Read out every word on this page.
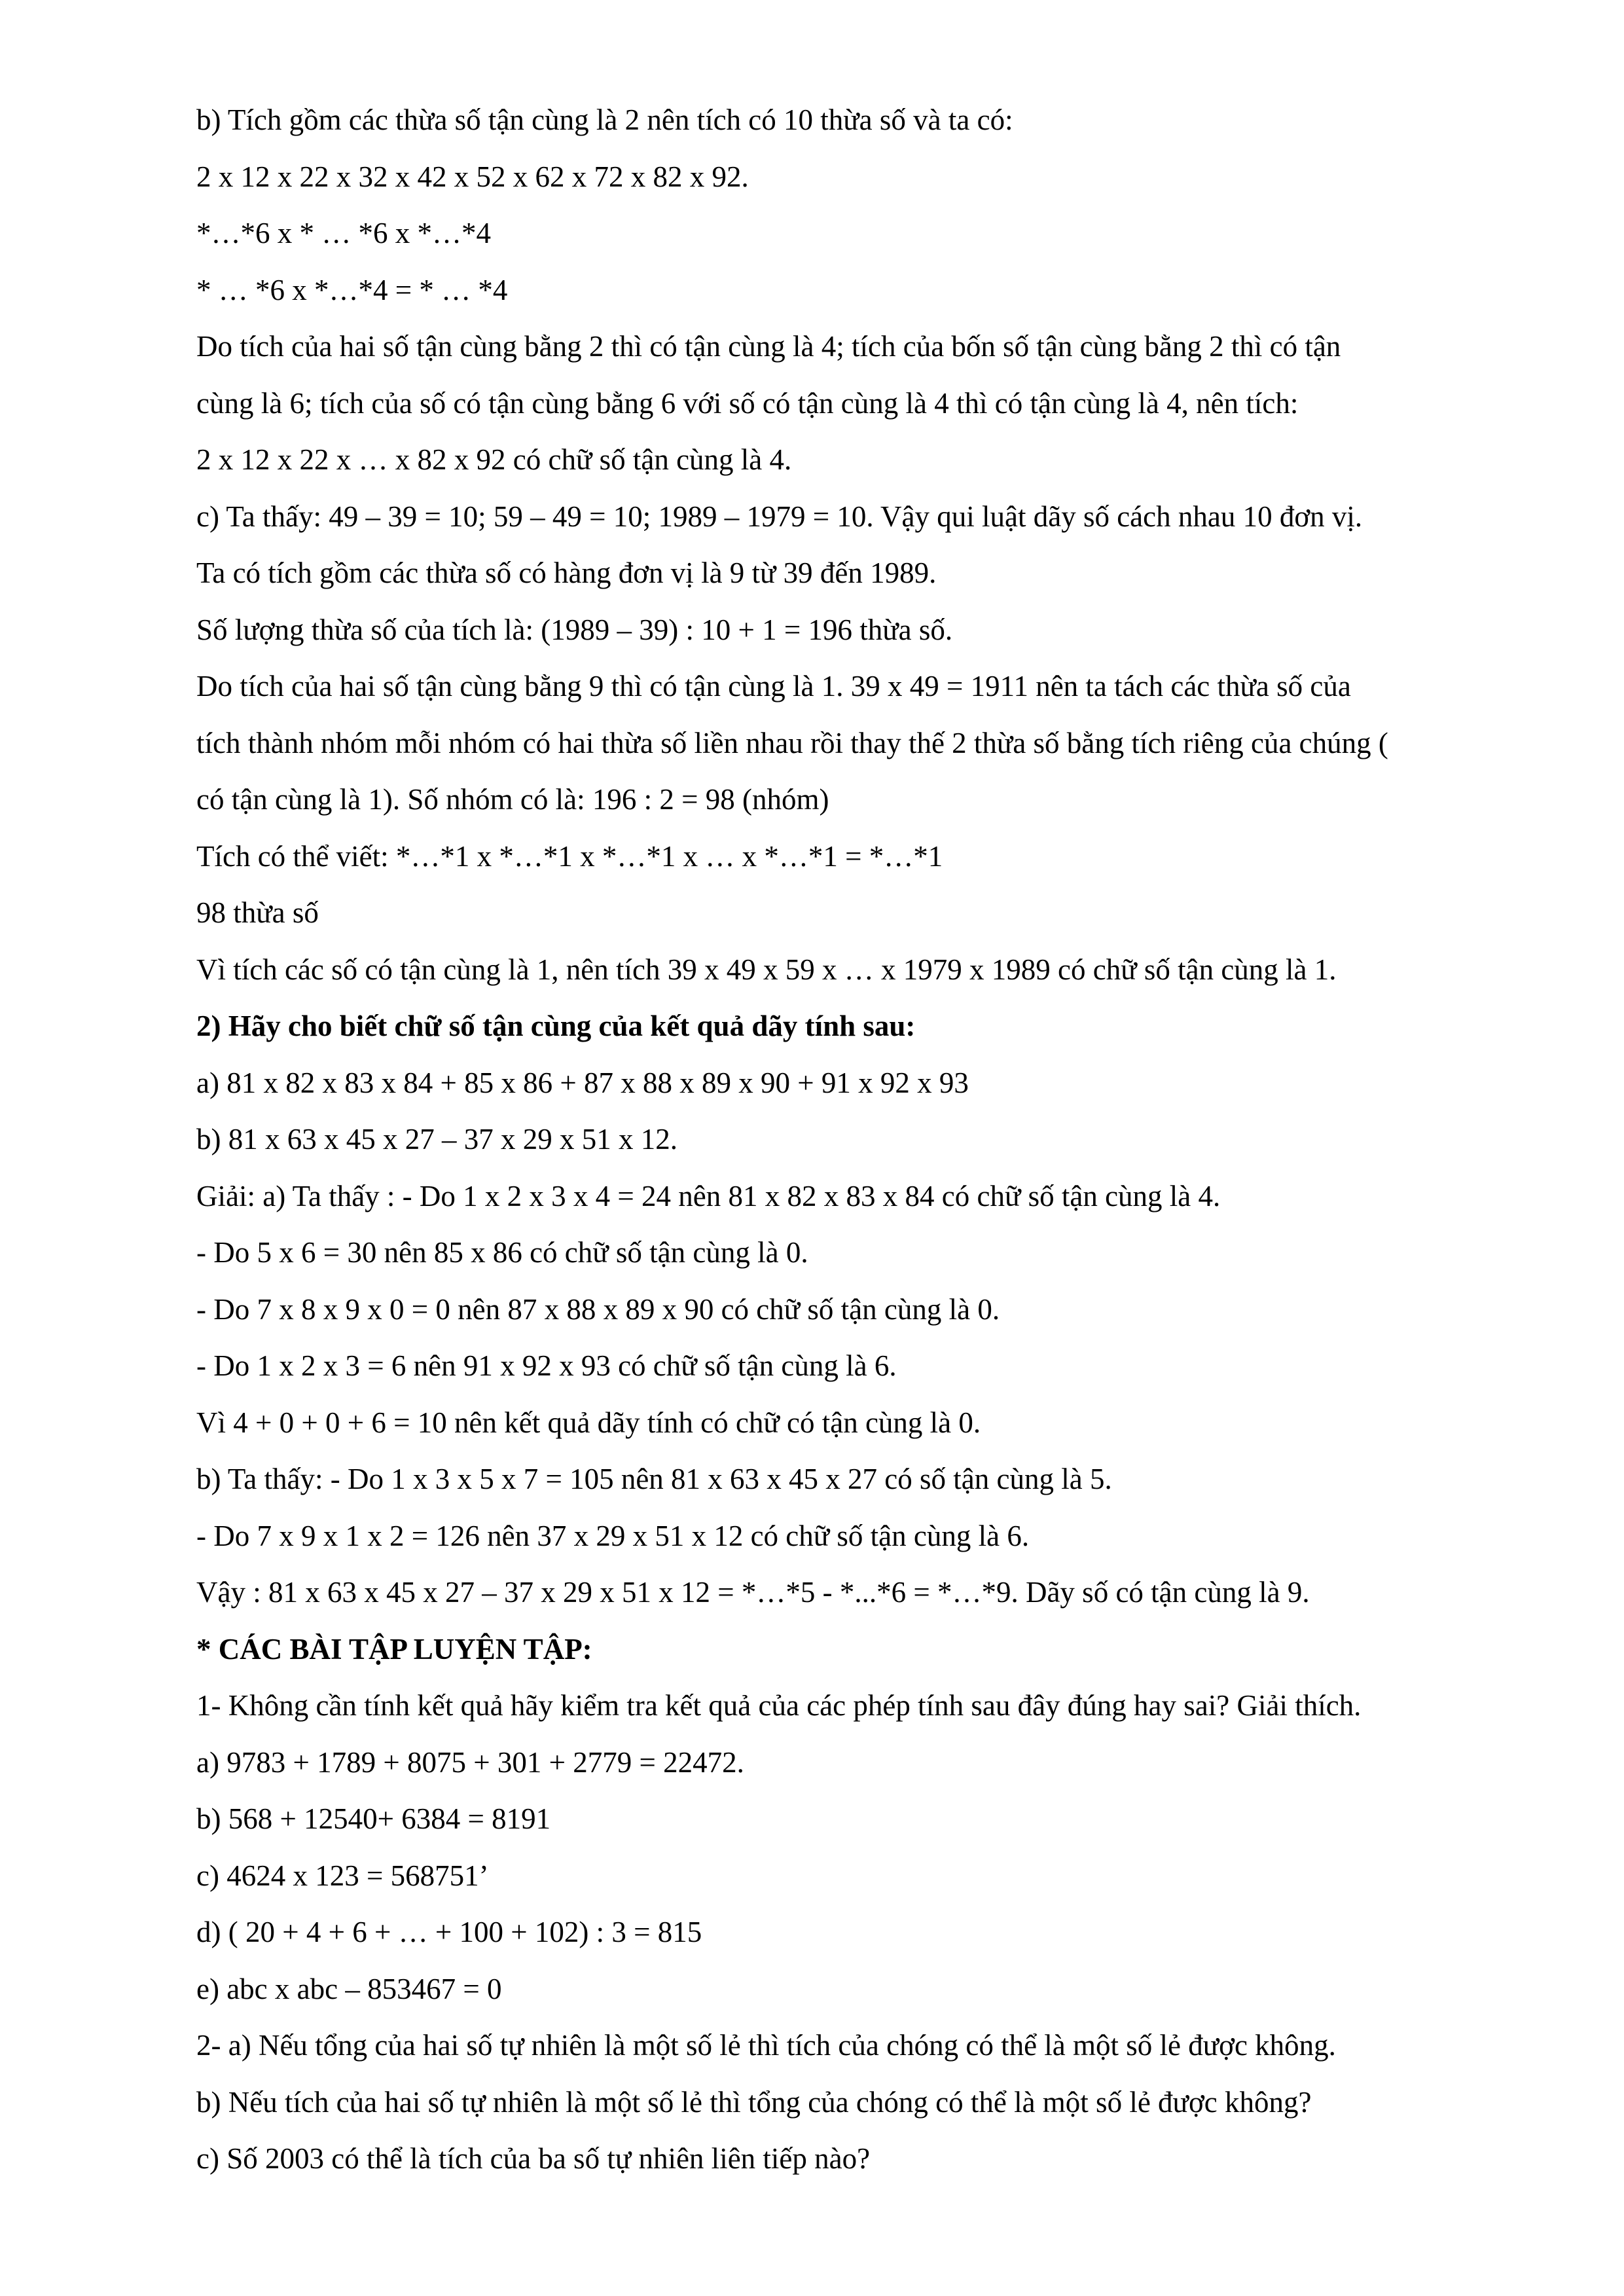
b) Tích gồm các thừa số tận cùng là 2 nên tích có 10 thừa số và ta có:
2 x 12 x 22 x 32 x 42 x 52 x 62 x 72 x 82 x 92.
*…*6 x * … *6 x *…*4
* … *6 x *…*4 = * … *4
Do tích của hai số tận cùng bằng 2 thì có tận cùng là 4; tích của bốn số tận cùng bằng 2 thì có tận
cùng là 6; tích của số có tận cùng bằng 6 với số có tận cùng là 4 thì có tận cùng là 4, nên tích:
2 x 12 x 22 x … x 82 x 92 có chữ số tận cùng là 4.
c) Ta thấy: 49 – 39 = 10; 59 – 49 = 10; 1989 – 1979 = 10. Vậy qui luật dãy số cách nhau 10 đơn vị.
Ta có tích gồm các thừa số có hàng đơn vị là 9 từ 39 đến 1989.
Số lượng thừa số của tích là: (1989 – 39) : 10 + 1 = 196 thừa số.
Do tích của hai số tận cùng bằng 9 thì có tận cùng là 1. 39 x 49 = 1911 nên ta tách các thừa số của
tích thành nhóm mỗi nhóm có hai thừa số liền nhau rồi thay thế 2 thừa số bằng tích riêng của chúng (
có tận cùng là 1). Số nhóm có là: 196 : 2 = 98 (nhóm)
Tích có thể viết: *…*1 x *…*1 x *…*1 x … x *…*1 = *…*1
98 thừa số
Vì tích các số có tận cùng là 1, nên tích 39 x 49 x 59 x … x 1979 x 1989 có chữ số tận cùng là 1.
2) Hãy cho biết chữ số tận cùng của kết quả dãy tính sau:
a) 81 x 82 x 83 x 84 + 85 x 86 + 87 x 88 x 89 x 90 + 91 x 92 x 93
b) 81 x 63 x 45 x 27 – 37 x 29 x 51 x 12.
Giải: a) Ta thấy : - Do 1 x 2 x 3 x 4 = 24 nên 81 x 82 x 83 x 84 có chữ số tận cùng là 4.
- Do 5 x 6 = 30 nên 85 x 86 có chữ số tận cùng là 0.
- Do 7 x 8 x 9 x 0 = 0 nên 87 x 88 x 89 x 90 có chữ số tận cùng là 0.
- Do 1 x 2 x 3 = 6 nên 91 x 92 x 93 có chữ số tận cùng là 6.
Vì 4 + 0 + 0 + 6 = 10 nên kết quả dãy tính có chữ có tận cùng là 0.
b) Ta thấy: - Do 1 x 3 x 5 x 7 = 105 nên 81 x 63 x 45 x 27 có số tận cùng là 5.
- Do 7 x 9 x 1 x 2 = 126 nên 37 x 29 x 51 x 12 có chữ số tận cùng là 6.
Vậy : 81 x 63 x 45 x 27 – 37 x 29 x 51 x 12 = *…*5 - *...*6 = *…*9. Dãy số có tận cùng là 9.
* CÁC BÀI TẬP LUYỆN TẬP:
1- Không cần tính kết quả hãy kiểm tra kết quả của các phép tính sau đây đúng hay sai? Giải thích.
a) 9783 + 1789 + 8075 + 301 + 2779 = 22472.
b) 568 + 12540+ 6384 = 8191
c) 4624 x 123 = 568751’
d) ( 20 + 4 + 6 + … + 100 + 102) : 3 = 815
e) abc x abc – 853467 = 0
2- a) Nếu tổng của hai số tự nhiên là một số lẻ thì tích của chóng có thể là một số lẻ được không.
b) Nếu tích của hai số tự nhiên là một số lẻ thì tổng của chóng có thể là một số lẻ được không?
c) Số 2003 có thể là tích của ba số tự nhiên liên tiếp nào?
